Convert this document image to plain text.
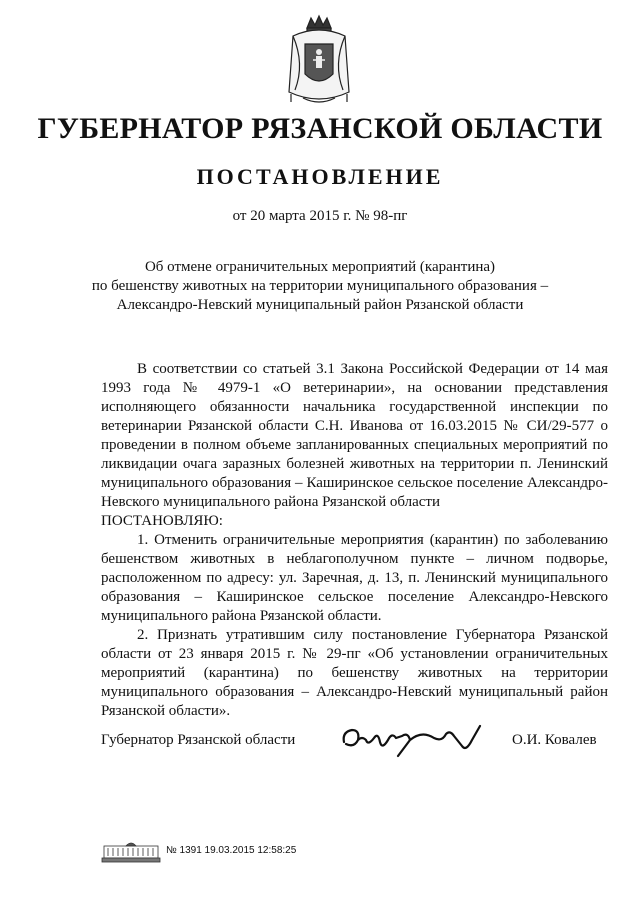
ГУБЕРНАТОР РЯЗАНСКОЙ ОБЛАСТИ
ПОСТАНОВЛЕНИЕ
от 20 марта 2015 г. № 98-пг
Об отмене ограничительных мероприятий (карантина)
по бешенству животных на территории муниципального образования –
Александро-Невский муниципальный район Рязанской области

В соответствии со статьей 3.1 Закона Российской Федерации от 14 мая 1993 года № 4979-1 «О ветеринарии», на основании представления исполняющего обязанности начальника государственной инспекции по ветеринарии Рязанской области С.Н. Иванова от 16.03.2015 № СИ/29-577 о проведении в полном объеме запланированных специальных мероприятий по ликвидации очага заразных болезней животных на территории п. Ленинский муниципального образования – Каширинское сельское поселение Александро-Невского муниципального района Рязанской области

ПОСТАНОВЛЯЮ:

1. Отменить ограничительные мероприятия (карантин) по заболеванию бешенством животных в неблагополучном пункте – личном подворье, расположенном по адресу: ул. Заречная, д. 13, п. Ленинский муниципального образования – Каширинское сельское поселение Александро-Невского муниципального района Рязанской области.

2. Признать утратившим силу постановление Губернатора Рязанской области от 23 января 2015 г. № 29-пг «Об установлении ограничительных мероприятий (карантина) по бешенству животных на территории муниципального образования – Александро-Невский муниципальный район Рязанской области».

Губернатор Рязанской области	О.И. Ковалев
№ 1391 19.03.2015 12:58:25
